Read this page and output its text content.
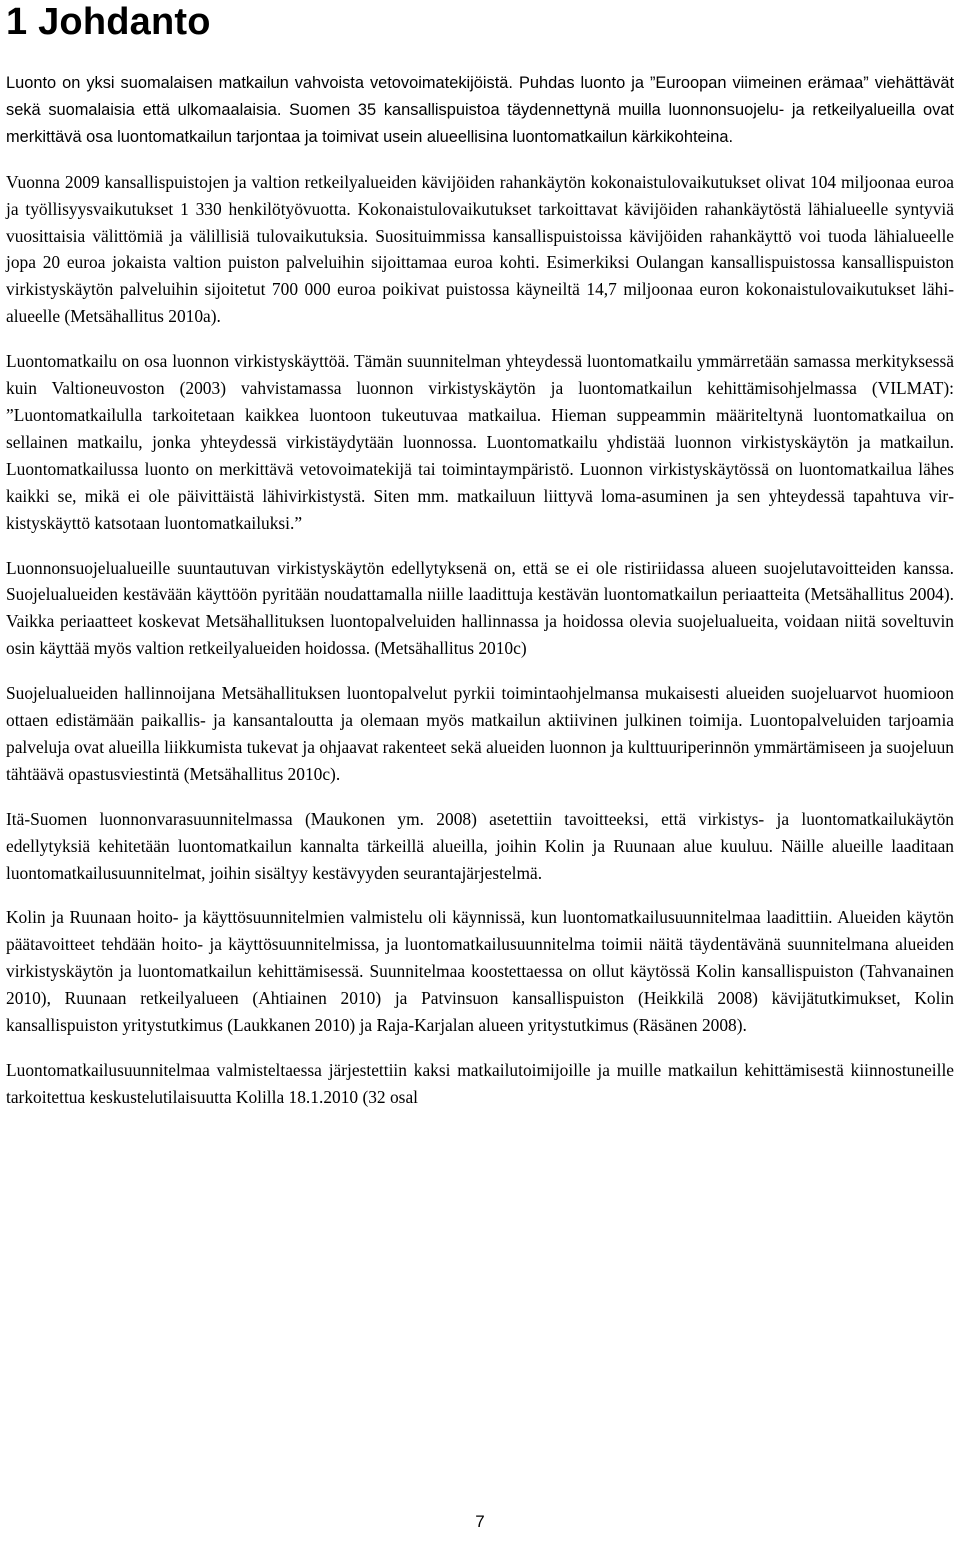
1 Johdanto

Luonto on yksi suomalaisen matkailun vahvoista vetovoimatekijöistä. Puhdas luonto ja ”Euroopan viimeinen erämaa” viehättävät sekä suomalaisia että ulkomaalaisia. Suomen 35 kansallispuistoa täydennettynä muilla luonnonsuojelu- ja retkeilyalueilla ovat merkittävä osa luontomatkailun tarjontaa ja toimivat usein alueellisina luontomatkailun kärkikohteina.

Vuonna 2009 kansallispuistojen ja valtion retkeilyalueiden kävijöiden rahankäytön kokonaistulovaikutukset olivat 104 miljoonaa euroa ja työllisyysvaikutukset 1 330 henkilötyövuotta. Kokonaistulovaikutukset tarkoittavat kävijöiden rahankäytöstä lähialueelle syntyviä vuosittaisia välittömiä ja välillisiä tulovaikutuksia. Suosituimmissa kansallispuistoissa kävijöiden rahankäyttö voi tuoda lähialueelle jopa 20 euroa jokaista valtion puiston palveluihin sijoittamaa euroa kohti. Esimerkiksi Oulangan kansallispuistossa kansallispuiston virkistyskäytön palveluihin sijoitetut 700 000 euroa poikivat puistossa käyneiltä 14,7 miljoonaa euron kokonaistulovaikutukset lähialueelle (Metsähallitus 2010a).

Luontomatkailu on osa luonnon virkistyskäyttöä. Tämän suunnitelman yhteydessä luontomatkailu ymmärretään samassa merkityksessä kuin Valtioneuvoston (2003) vahvistamassa luonnon virkistyskäytön ja luontomatkailun kehittämisohjelmassa (VILMAT): ”Luontomatkailulla tarkoitetaan kaikkea luontoon tukeutuvaa matkailua. Hieman suppeammin määriteltynä luontomatkailua on sellainen matkailu, jonka yhteydessä virkistäydytään luonnossa. Luontomatkailu yhdistää luonnon virkistyskäytön ja matkailun. Luontomatkailussa luonto on merkittävä vetovoimatekijä tai toimintaympäristö. Luonnon virkistyskäytössä on luontomatkailua lähes kaikki se, mikä ei ole päivittäistä lähivirkistystä. Siten mm. matkailuun liittyvä loma-asuminen ja sen yhteydessä tapahtuva virkistyskäyttö katsotaan luontomatkailuksi.”

Luonnonsuojelualueille suuntautuvan virkistyskäytön edellytyksenä on, että se ei ole ristiriidassa alueen suojelutavoitteiden kanssa. Suojelualueiden kestävään käyttöön pyritään noudattamalla niille laadittuja kestävän luontomatkailun periaatteita (Metsähallitus 2004). Vaikka periaatteet koskevat Metsähallituksen luontopalveluiden hallinnassa ja hoidossa olevia suojelualueita, voidaan niitä soveltuvin osin käyttää myös valtion retkeilyalueiden hoidossa. (Metsähallitus 2010c)

Suojelualueiden hallinnoijana Metsähallituksen luontopalvelut pyrkii toimintaohjelmansa mukaisesti alueiden suojeluarvot huomioon ottaen edistämään paikallis- ja kansantaloutta ja olemaan myös matkailun aktiivinen julkinen toimija. Luontopalveluiden tarjoamia palveluja ovat alueilla liikkumista tukevat ja ohjaavat rakenteet sekä alueiden luonnon ja kulttuuriperinnön ymmärtämiseen ja suojeluun tähtäävä opastusviestintä (Metsähallitus 2010c).

Itä-Suomen luonnonvarasuunnitelmassa (Maukonen ym. 2008) asetettiin tavoitteeksi, että virkistys- ja luontomatkailukäytön edellytyksiä kehitetään luontomatkailun kannalta tärkeillä alueilla, joihin Kolin ja Ruunaan alue kuuluu. Näille alueille laaditaan luontomatkailusuunnitelmat, joihin sisältyy kestävyyden seurantajärjestelmä.

Kolin ja Ruunaan hoito- ja käyttösuunnitelmien valmistelu oli käynnissä, kun luontomatkailusuunnitelmaa laadittiin. Alueiden käytön päätavoitteet tehdään hoito- ja käyttösuunnitelmissa, ja luontomatkailusuunnitelma toimii näitä täydentävänä suunnitelmana alueiden virkistyskäytön ja luontomatkailun kehittämisessä. Suunnitelmaa koostettaessa on ollut käytössä Kolin kansallispuiston (Tahvanainen 2010), Ruunaan retkeilyalueen (Ahtiainen 2010) ja Patvinsuon kansallispuiston (Heikkilä 2008) kävijätutkimukset, Kolin kansallispuiston yritystutkimus (Laukkanen 2010) ja Raja-Karjalan alueen yritystutkimus (Räsänen 2008).

Luontomatkailusuunnitelmaa valmisteltaessa järjestettiin kaksi matkailutoimijoille ja muille matkailun kehittämisestä kiinnostuneille tarkoitettua keskustelutilaisuutta Kolilla 18.1.2010 (32 osal

7
